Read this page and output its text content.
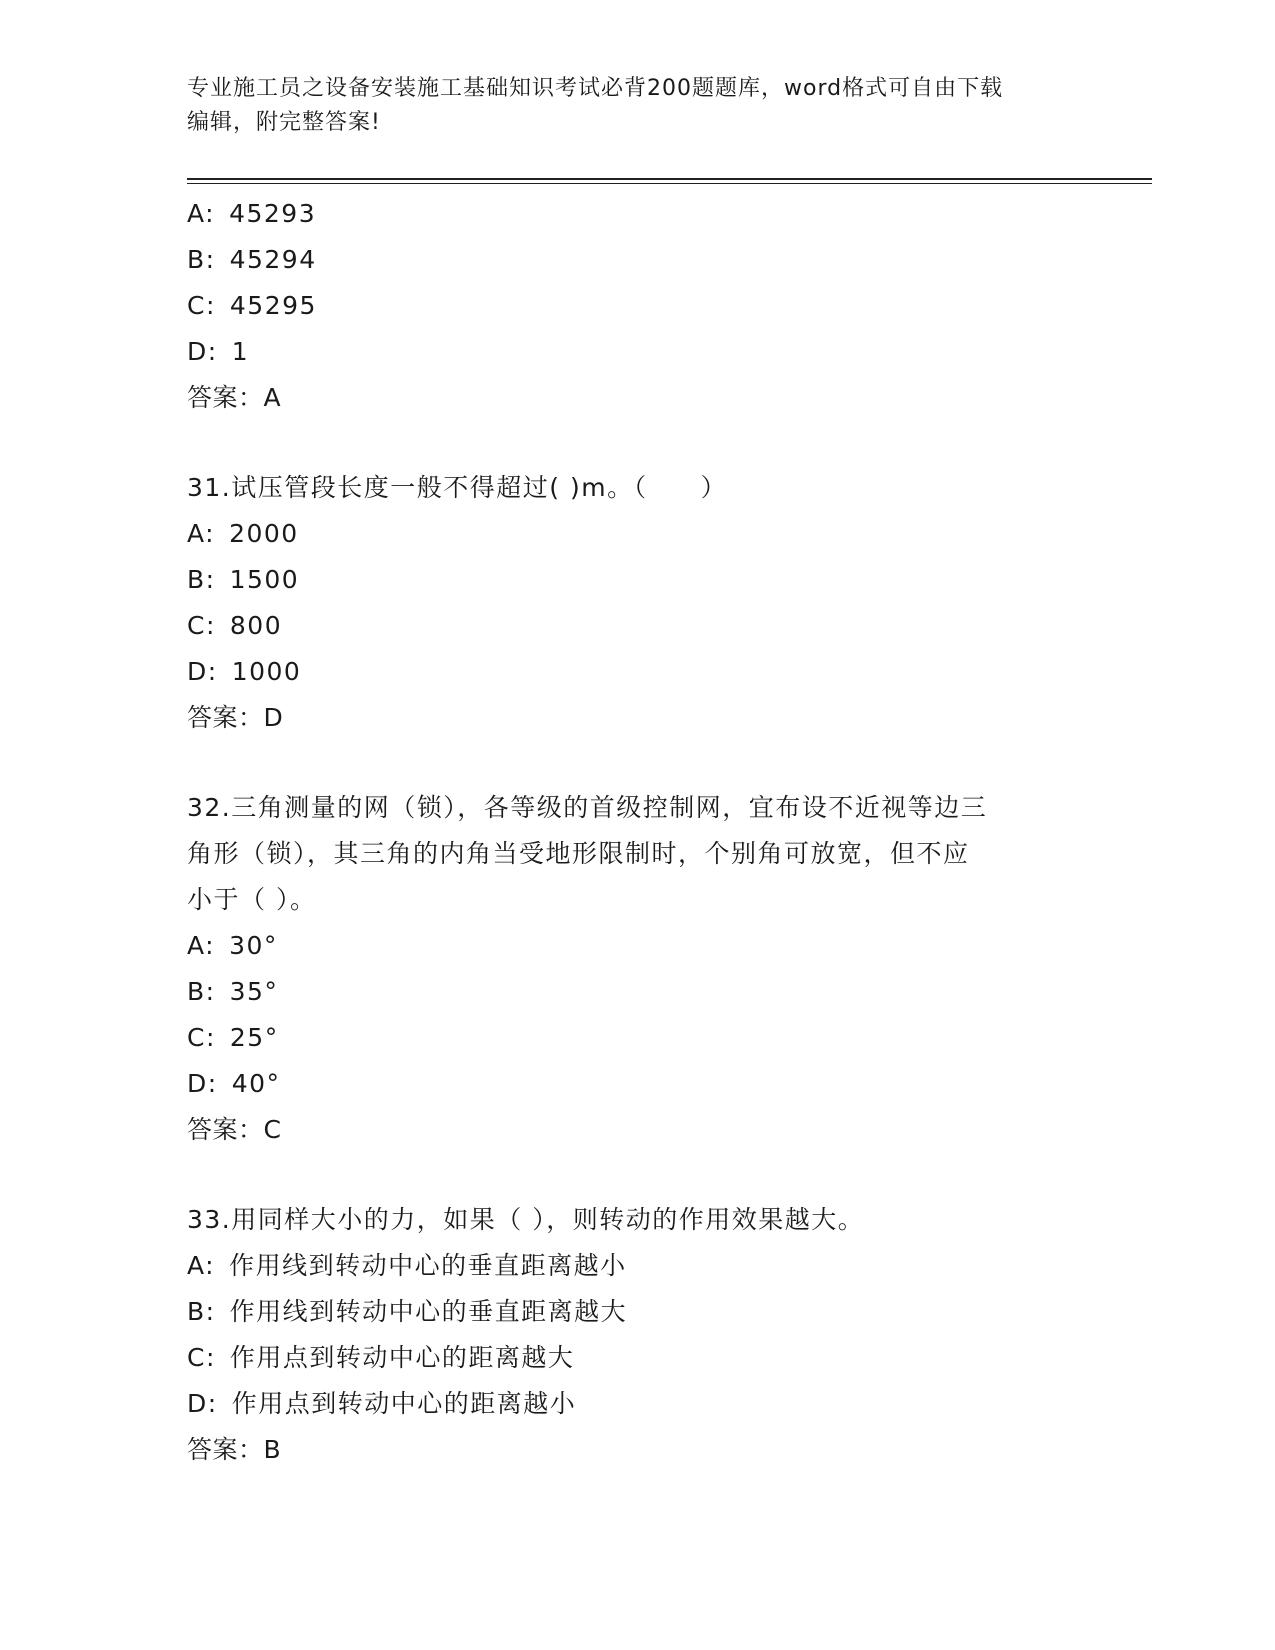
专业施工员之设备安装施工基础知识考试必背200题题库，word格式可自由下载
编辑，附完整答案!
A: 45293
B: 45294
C: 45295
D: 1
答案：A
31.试压管段长度一般不得超过( )m。（　　）
A: 2000
B: 1500
C: 800
D: 1000
答案：D
32.三角测量的网（锁），各等级的首级控制网，宜布设不近视等边三
角形（锁），其三角的内角当受地形限制时，个别角可放宽，但不应
小于（ ）。
A: 30°
B: 35°
C: 25°
D: 40°
答案：C
33.用同样大小的力，如果（ ），则转动的作用效果越大。
A: 作用线到转动中心的垂直距离越小
B: 作用线到转动中心的垂直距离越大
C: 作用点到转动中心的距离越大
D: 作用点到转动中心的距离越小
答案：B
